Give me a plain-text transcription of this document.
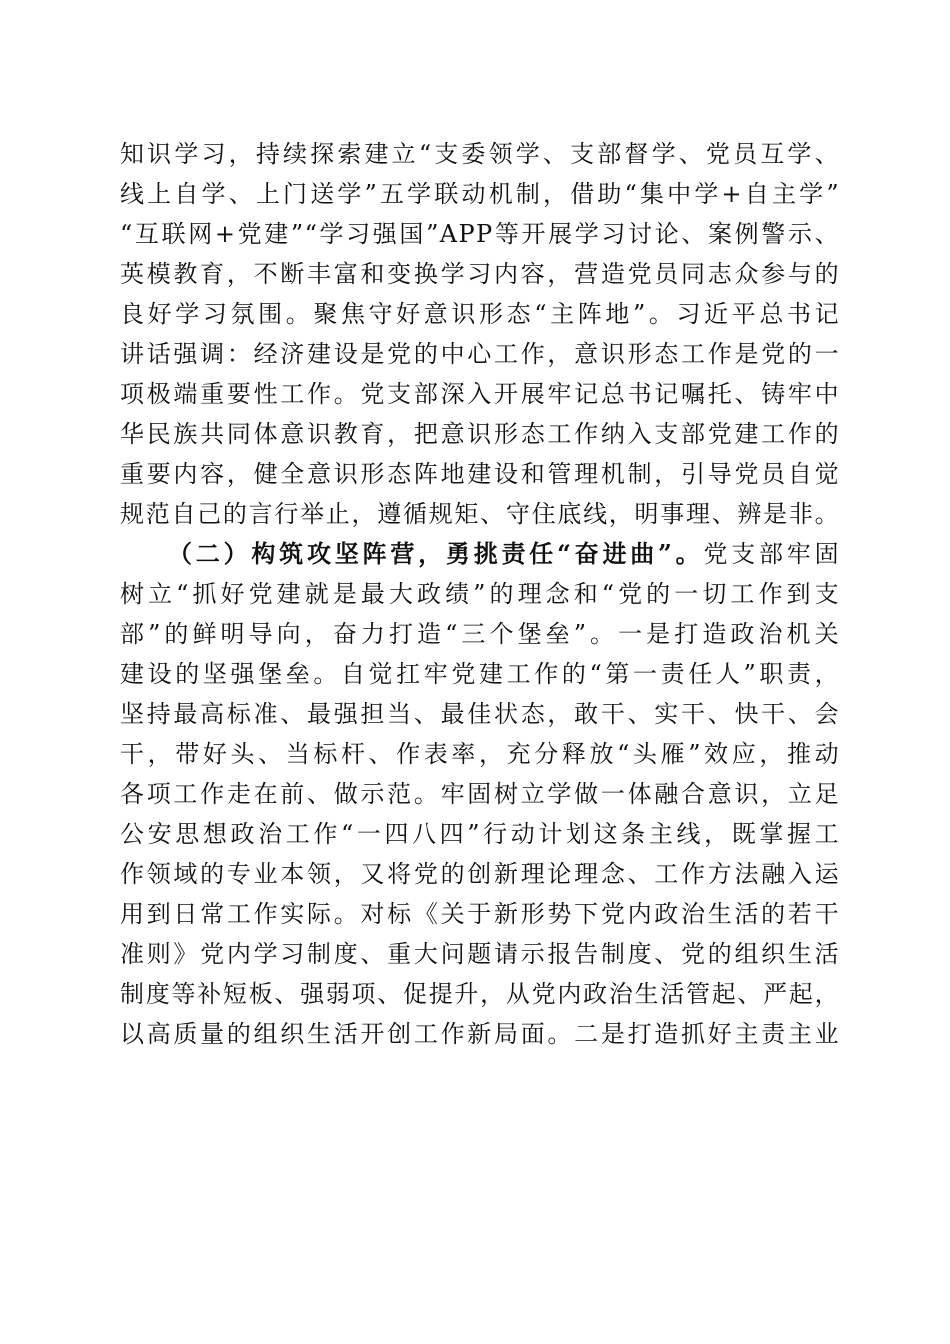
知识学习，持续探索建立“支委领学、支部督学、党员互学、
线上自学、上门送学”五学联动机制，借助“集中学+自主学”
“互联网+党建”“学习强国”APP等开展学习讨论、案例警示、
英模教育，不断丰富和变换学习内容，营造党员同志众参与的
良好学习氛围。聚焦守好意识形态“主阵地”。习近平总书记
讲话强调：经济建设是党的中心工作，意识形态工作是党的一
项极端重要性工作。党支部深入开展牢记总书记嘱托、铸牢中
华民族共同体意识教育，把意识形态工作纳入支部党建工作的
重要内容，健全意识形态阵地建设和管理机制，引导党员自觉
规范自己的言行举止，遵循规矩、守住底线，明事理、辨是非。
（二）构筑攻坚阵营，勇挑责任“奋进曲”。党支部牢固
树立“抓好党建就是最大政绩”的理念和“党的一切工作到支
部”的鲜明导向，奋力打造“三个堡垒”。一是打造政治机关
建设的坚强堡垒。自觉扛牢党建工作的“第一责任人”职责，
坚持最高标准、最强担当、最佳状态，敢干、实干、快干、会
干，带好头、当标杆、作表率，充分释放“头雁”效应，推动
各项工作走在前、做示范。牢固树立学做一体融合意识，立足
公安思想政治工作“一四八四”行动计划这条主线，既掌握工
作领域的专业本领，又将党的创新理论理念、工作方法融入运
用到日常工作实际。对标《关于新形势下党内政治生活的若干
准则》党内学习制度、重大问题请示报告制度、党的组织生活
制度等补短板、强弱项、促提升，从党内政治生活管起、严起，
以高质量的组织生活开创工作新局面。二是打造抓好主责主业
